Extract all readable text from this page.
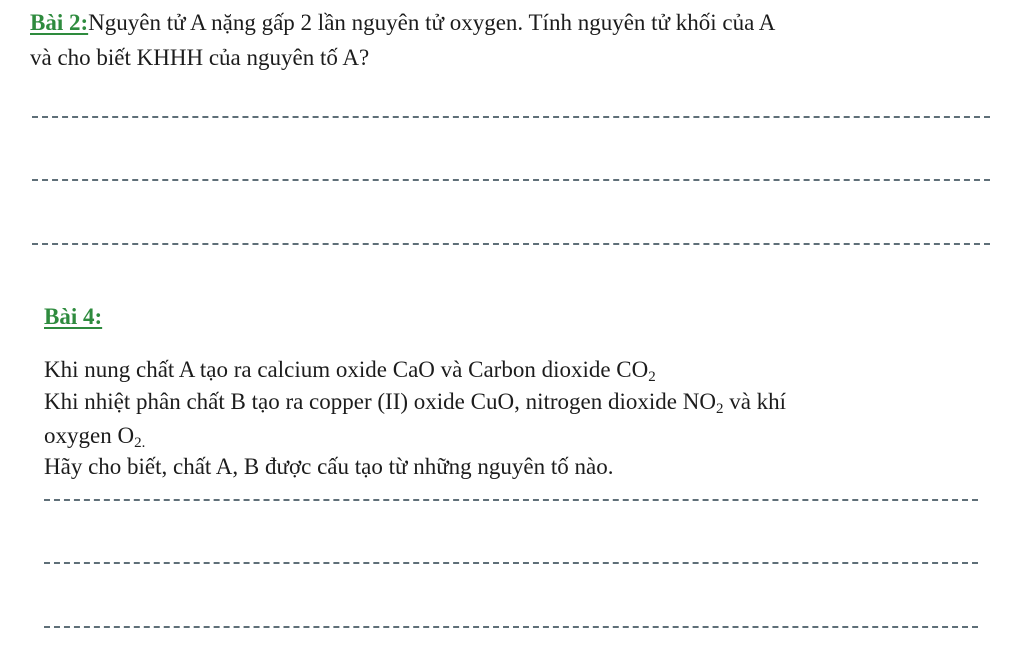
Bài 2:Nguyên tử A nặng gấp 2 lần nguyên tử oxygen. Tính nguyên tử khối của A
và cho biết KHHH của nguyên tố A?
Bài 4:
Khi nung chất A tạo ra calcium oxide CaO và Carbon dioxide $CO_2$
Khi nhiệt phân chất B tạo ra copper (II) oxide CuO, nitrogen dioxide $NO_2$ và khí
oxygen $O_{2.}$
Hãy cho biết, chất A, B được cấu tạo từ những nguyên tố nào.
